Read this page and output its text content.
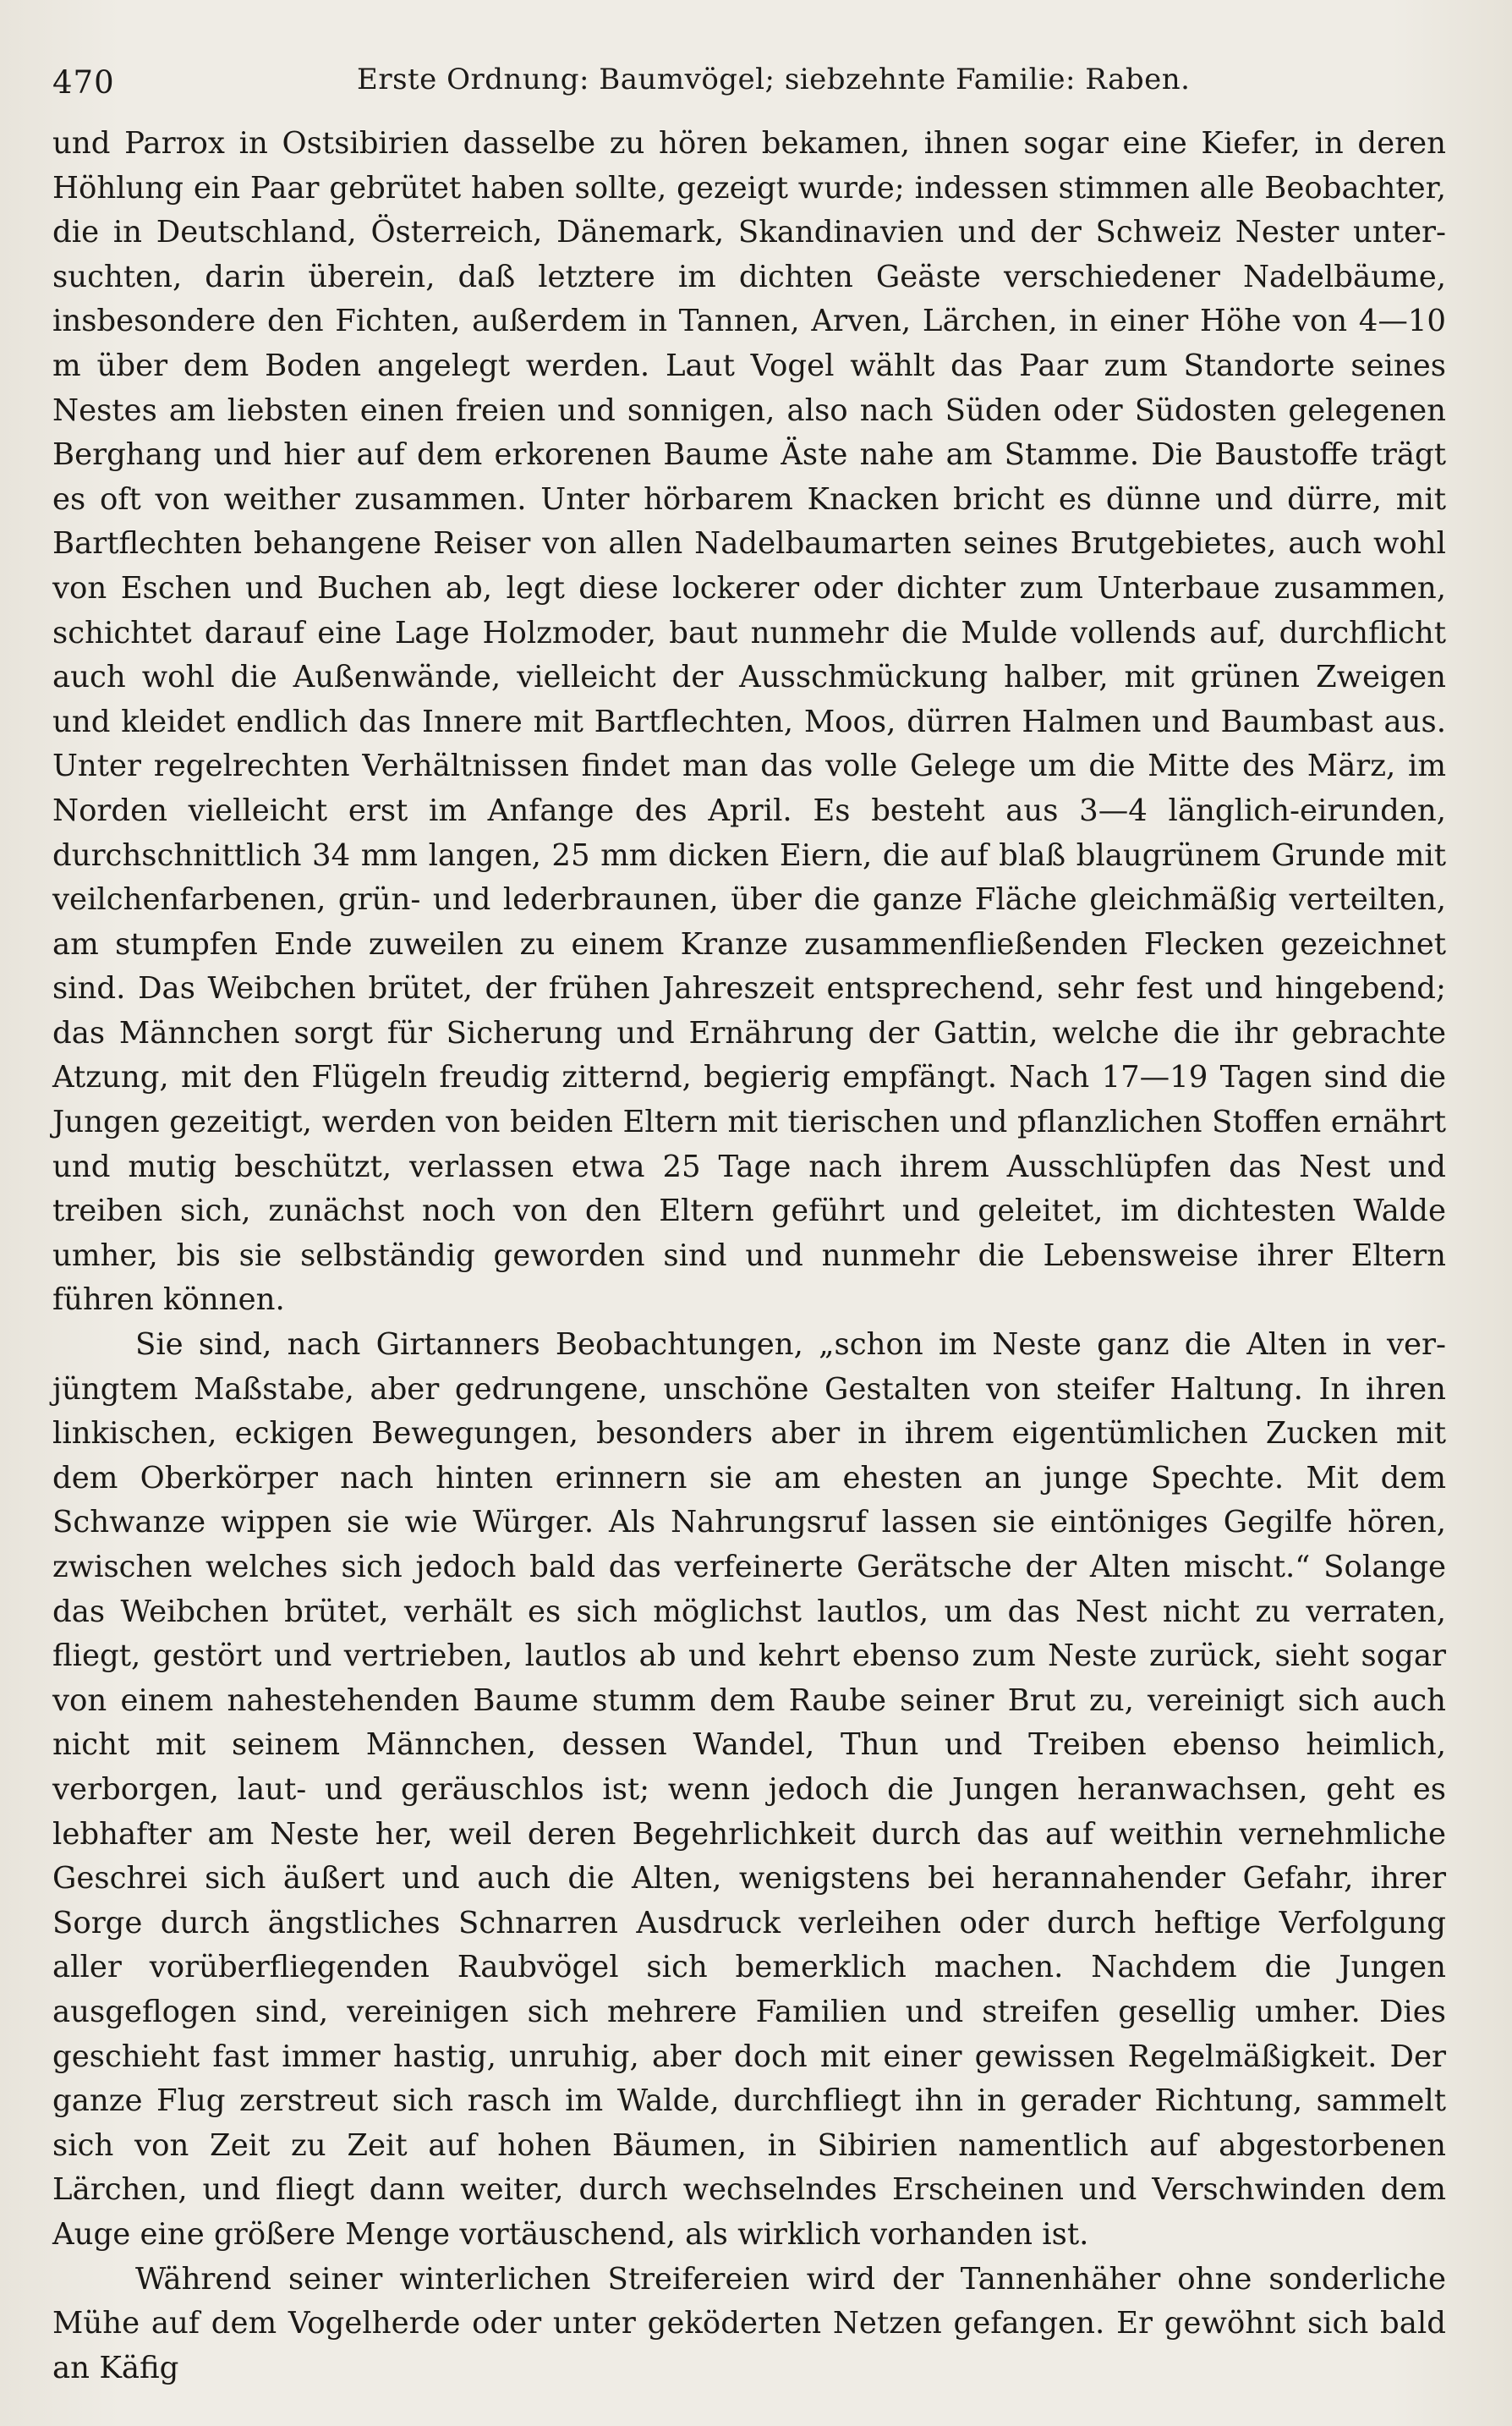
470	Erste Ordnung: Baumvögel; siebzehnte Familie: Raben.

und Parrox in Ostsibirien dasselbe zu hören bekamen, ihnen sogar eine Kiefer, in deren Höhlung ein Paar gebrütet haben sollte, gezeigt wurde; indessen stimmen alle Beobachter, die in Deutschland, Österreich, Dänemark, Skandinavien und der Schweiz Nester untersuchten, darin überein, daß letztere im dichten Geäste verschiedener Nadelbäume, insbesondere den Fichten, außerdem in Tannen, Arven, Lärchen, in einer Höhe von 4—10 m über dem Boden angelegt werden. Laut Vogel wählt das Paar zum Standorte seines Nestes am liebsten einen freien und sonnigen, also nach Süden oder Südosten gelegenen Berghang und hier auf dem erkorenen Baume Äste nahe am Stamme. Die Baustoffe trägt es oft von weither zusammen. Unter hörbarem Knacken bricht es dünne und dürre, mit Bartflechten behangene Reiser von allen Nadelbaumarten seines Brutgebietes, auch wohl von Eschen und Buchen ab, legt diese lockerer oder dichter zum Unterbaue zusammen, schichtet darauf eine Lage Holzmoder, baut nunmehr die Mulde vollends auf, durchflicht auch wohl die Außenwände, vielleicht der Ausschmückung halber, mit grünen Zweigen und kleidet endlich das Innere mit Bartflechten, Moos, dürren Halmen und Baumbast aus. Unter regelrechten Verhältnissen findet man das volle Gelege um die Mitte des März, im Norden vielleicht erst im Anfange des April. Es besteht aus 3—4 länglich-eirunden, durchschnittlich 34 mm langen, 25 mm dicken Eiern, die auf blaß blaugrünem Grunde mit veilchenfarbenen, grün- und lederbraunen, über die ganze Fläche gleichmäßig verteilten, am stumpfen Ende zuweilen zu einem Kranze zusammenfließenden Flecken gezeichnet sind. Das Weibchen brütet, der frühen Jahreszeit entsprechend, sehr fest und hingebend; das Männchen sorgt für Sicherung und Ernährung der Gattin, welche die ihr gebrachte Atzung, mit den Flügeln freudig zitternd, begierig empfängt. Nach 17—19 Tagen sind die Jungen gezeitigt, werden von beiden Eltern mit tierischen und pflanzlichen Stoffen ernährt und mutig beschützt, verlassen etwa 25 Tage nach ihrem Ausschlüpfen das Nest und treiben sich, zunächst noch von den Eltern geführt und geleitet, im dichtesten Walde umher, bis sie selbständig geworden sind und nunmehr die Lebensweise ihrer Eltern führen können.

Sie sind, nach Girtanners Beobachtungen, „schon im Neste ganz die Alten in verjüngtem Maßstabe, aber gedrungene, unschöne Gestalten von steifer Haltung. In ihren linkischen, eckigen Bewegungen, besonders aber in ihrem eigentümlichen Zucken mit dem Oberkörper nach hinten erinnern sie am ehesten an junge Spechte. Mit dem Schwanze wippen sie wie Würger. Als Nahrungsruf lassen sie eintöniges Gegilfe hören, zwischen welches sich jedoch bald das verfeinerte Gerätsche der Alten mischt.“ Solange das Weibchen brütet, verhält es sich möglichst lautlos, um das Nest nicht zu verraten, fliegt, gestört und vertrieben, lautlos ab und kehrt ebenso zum Neste zurück, sieht sogar von einem nahestehenden Baume stumm dem Raube seiner Brut zu, vereinigt sich auch nicht mit seinem Männchen, dessen Wandel, Thun und Treiben ebenso heimlich, verborgen, laut- und geräuschlos ist; wenn jedoch die Jungen heranwachsen, geht es lebhafter am Neste her, weil deren Begehrlichkeit durch das auf weithin vernehmliche Geschrei sich äußert und auch die Alten, wenigstens bei herannahender Gefahr, ihrer Sorge durch ängstliches Schnarren Ausdruck verleihen oder durch heftige Verfolgung aller vorüberfliegenden Raubvögel sich bemerklich machen. Nachdem die Jungen ausgeflogen sind, vereinigen sich mehrere Familien und streifen gesellig umher. Dies geschieht fast immer hastig, unruhig, aber doch mit einer gewissen Regelmäßigkeit. Der ganze Flug zerstreut sich rasch im Walde, durchfliegt ihn in gerader Richtung, sammelt sich von Zeit zu Zeit auf hohen Bäumen, in Sibirien namentlich auf abgestorbenen Lärchen, und fliegt dann weiter, durch wechselndes Erscheinen und Verschwinden dem Auge eine größere Menge vortäuschend, als wirklich vorhanden ist.

Während seiner winterlichen Streifereien wird der Tannenhäher ohne sonderliche Mühe auf dem Vogelherde oder unter geköderten Netzen gefangen. Er gewöhnt sich bald an Käfig
